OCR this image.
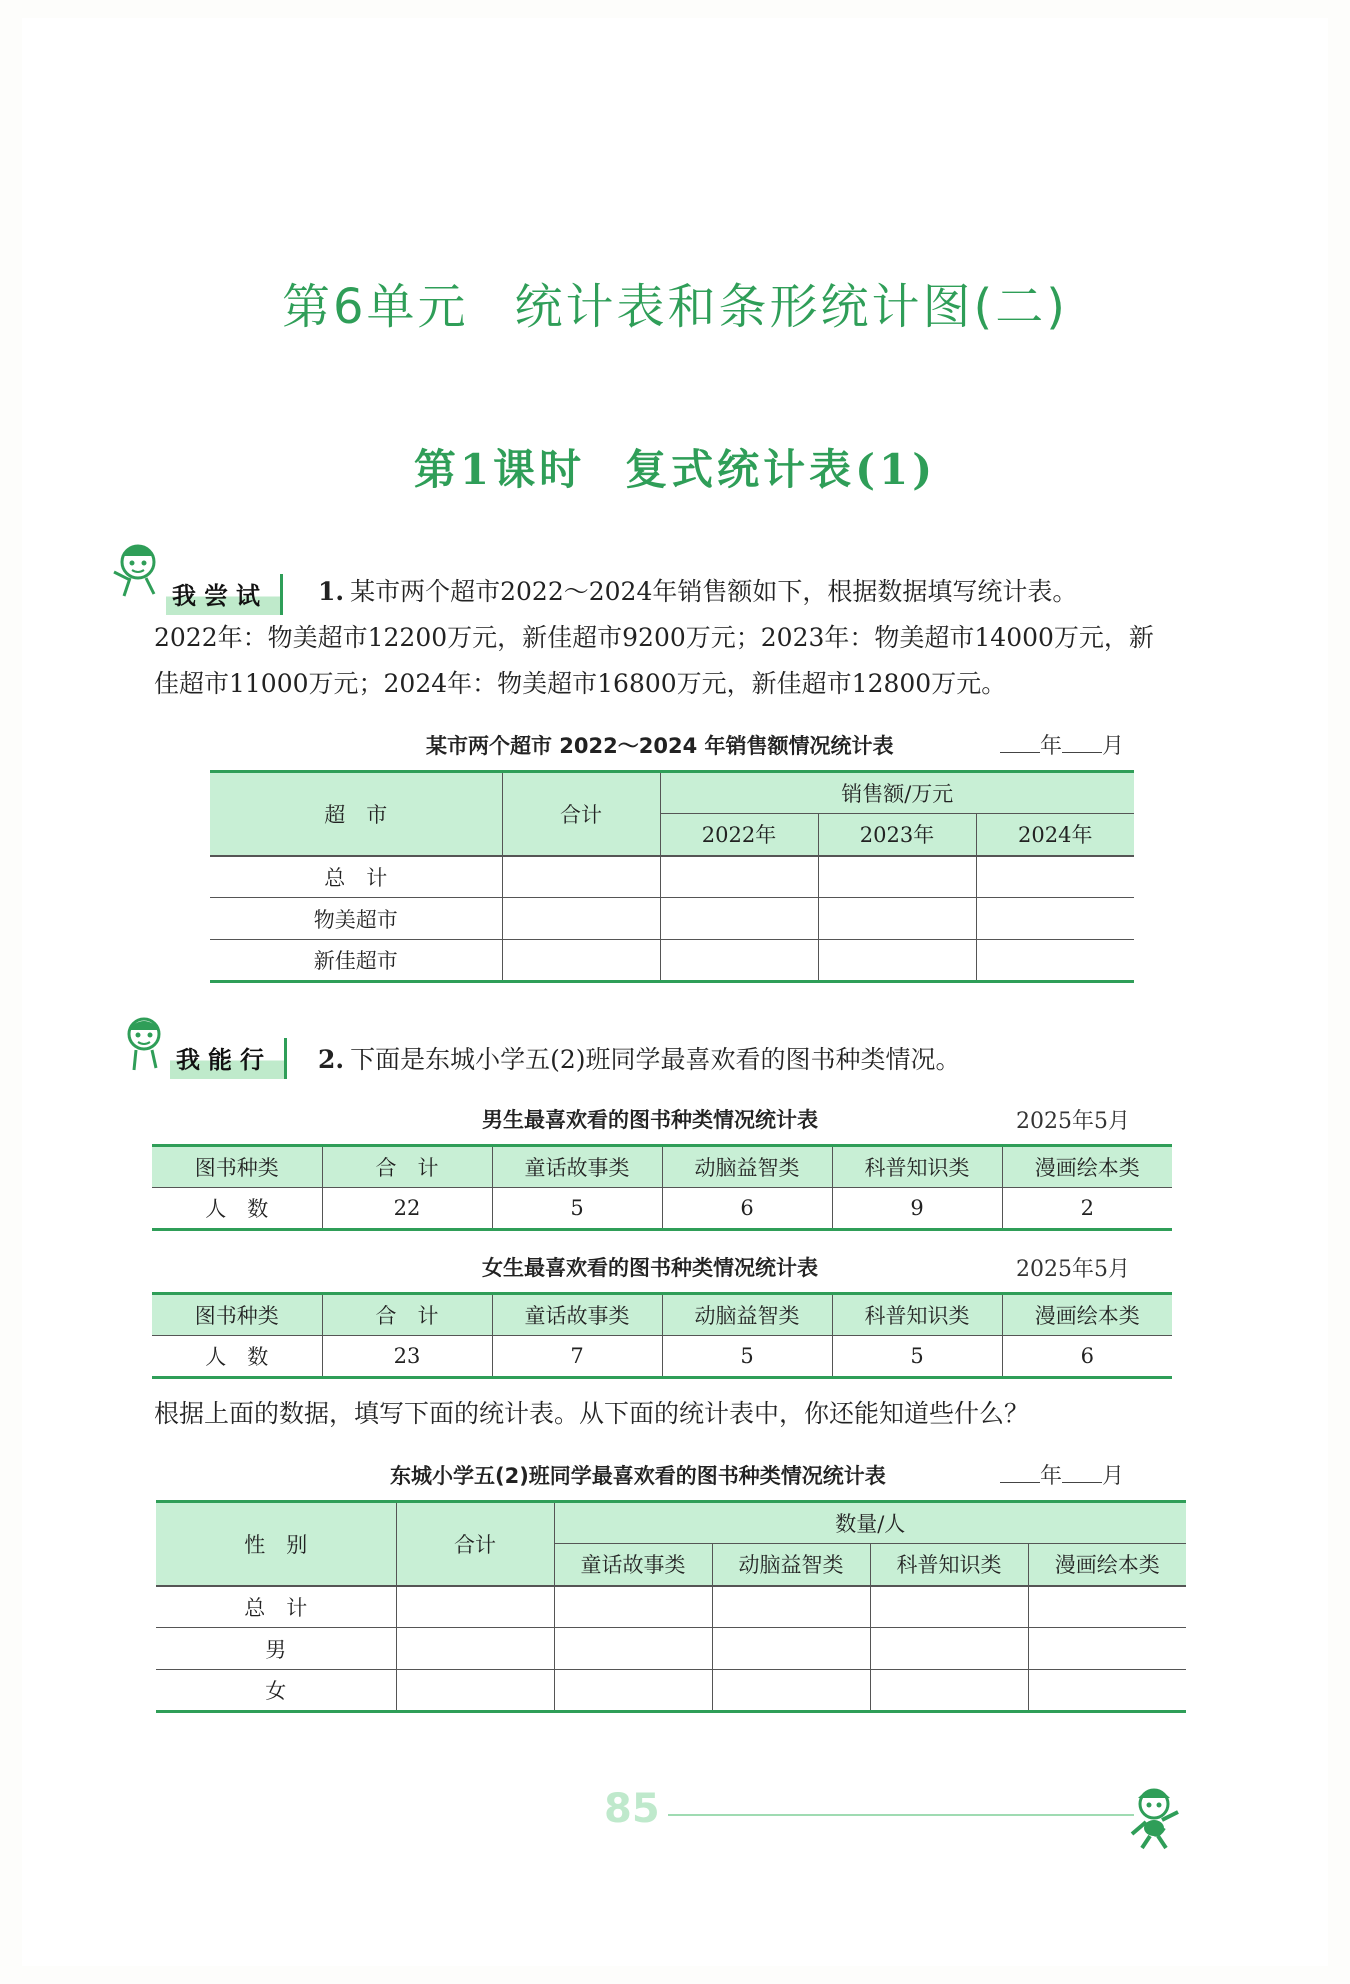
第6单元 统计表和条形统计图(二)
第1课时 复式统计表(1)
我尝试	1. 某市两个超市2022～2024年销售额如下，根据数据填写统计表。
2022年：物美超市12200万元，新佳超市9200万元；2023年：物美超市14000万元，新
佳超市11000万元；2024年：物美超市16800万元，新佳超市12800万元。
某市两个超市 2022～2024 年销售额情况统计表	年 月
超　市	合计	销售额/万元		
		2022年	2023年	2024年
总　计				
物美超市				
新佳超市				
我能行	2. 下面是东城小学五(2)班同学最喜欢看的图书种类情况。
男生最喜欢看的图书种类情况统计表	2025年5月
图书种类	合　计	童话故事类	动脑益智类	科普知识类	漫画绘本类
人　数	22	5	6	9	2
女生最喜欢看的图书种类情况统计表	2025年5月
图书种类	合　计	童话故事类	动脑益智类	科普知识类	漫画绘本类
人　数	23	7	5	5	6
根据上面的数据，填写下面的统计表。从下面的统计表中，你还能知道些什么？
东城小学五(2)班同学最喜欢看的图书种类情况统计表	年 月
性　别	合计	数量/人			
		童话故事类	动脑益智类	科普知识类	漫画绘本类
总　计					
男					
女					
85
